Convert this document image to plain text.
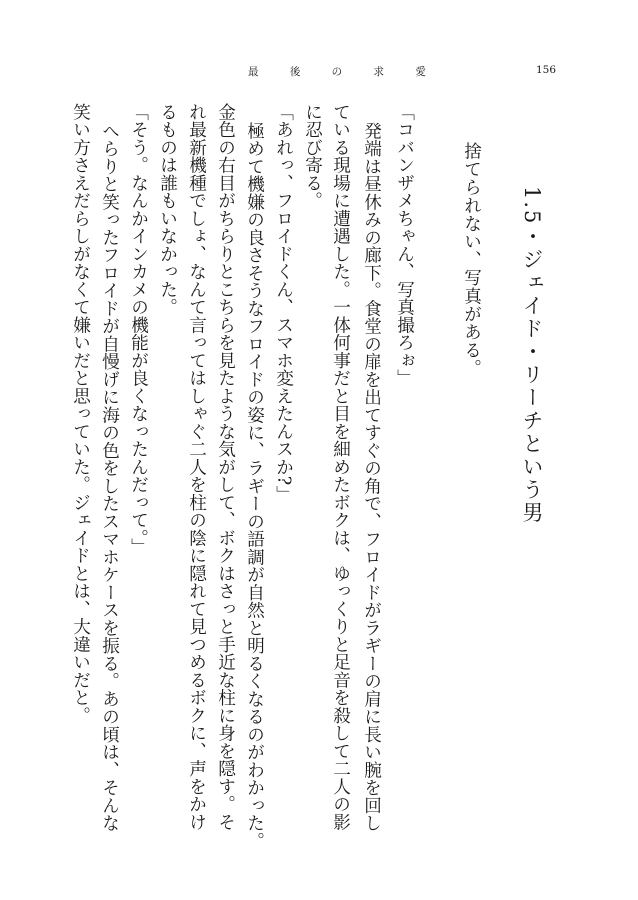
最 後 の 求 愛	156
1.5・ジェイド・リーチという男
捨てられない、写真がある。
「コバンザメちゃん、写真撮ろぉ」
発端は昼休みの廊下。食堂の扉を出てすぐの角で、フロイドがラギーの肩に長い腕を回し
ている現場に遭遇した。一体何事だと目を細めたボクは、ゆっくりと足音を殺して二人の影
に忍び寄る。
「あれっ、フロイドくん、スマホ変えたんスか?」
極めて機嫌の良さそうなフロイドの姿に、ラギーの語調が自然と明るくなるのがわかった。
金色の右目がちらりとこちらを見たような気がして、ボクはさっと手近な柱に身を隠す。そ
れ最新機種でしょ、なんて言ってはしゃぐ二人を柱の陰に隠れて見つめるボクに、声をかけ
るものは誰もいなかった。
「そう。なんかインカメの機能が良くなったんだって。」
へらりと笑ったフロイドが自慢げに海の色をしたスマホケースを振る。あの頃は、そんな
笑い方さえだらしがなくて嫌いだと思っていた。ジェイドとは、大違いだと。
